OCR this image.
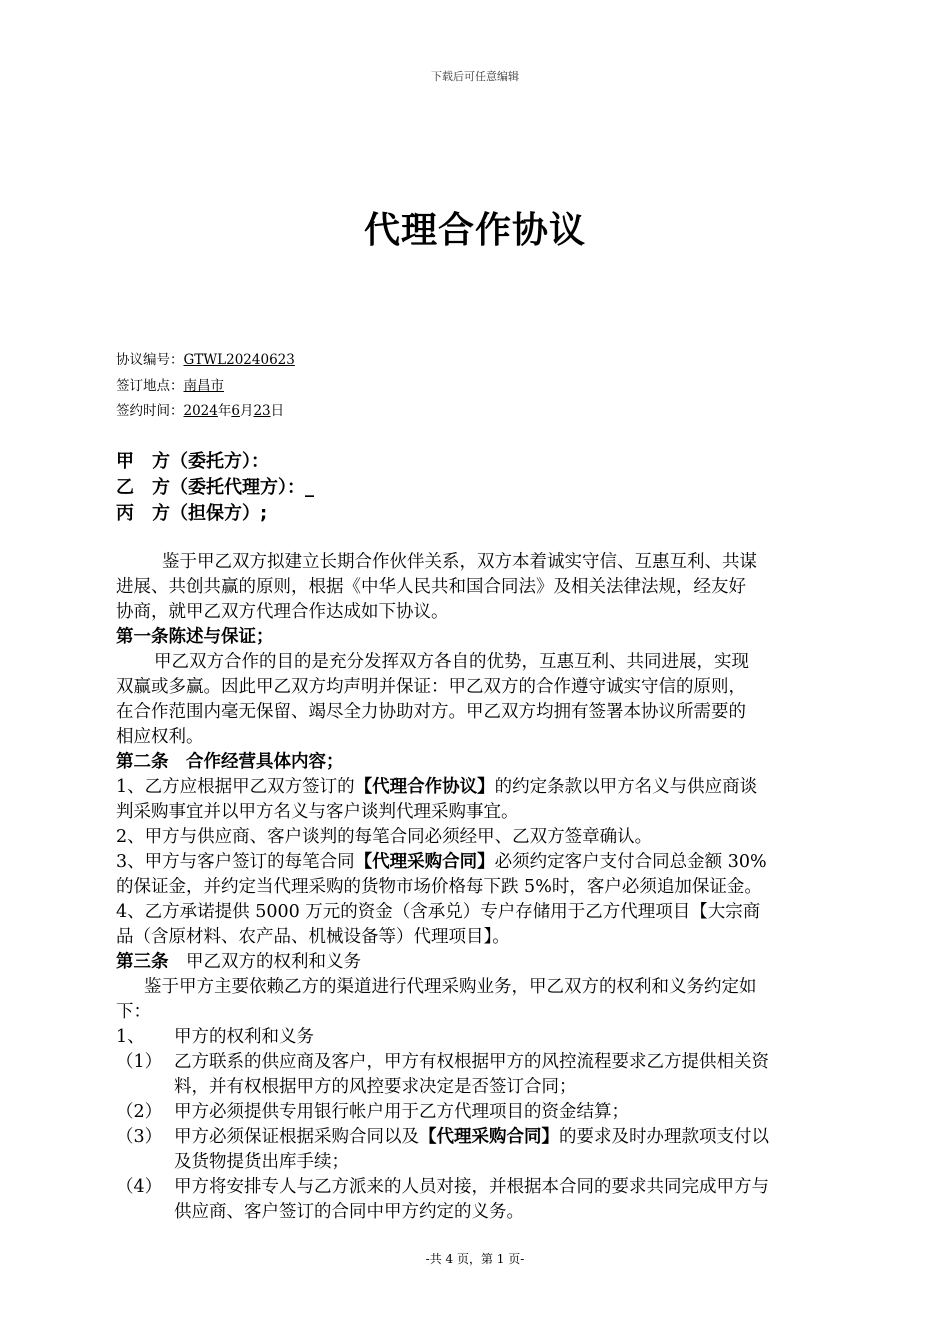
下载后可任意编辑
代理合作协议
协议编号：GTWL20240623
签订地点：南昌市
签约时间：2024年6月23日
甲　方（委托方）：
乙　方（委托代理方）：_
丙　方（担保方）;
鉴于甲乙双方拟建立长期合作伙伴关系，双方本着诚实守信、互惠互利、共谋
进展、共创共赢的原则，根据《中华人民共和国合同法》及相关法律法规，经友好
协商，就甲乙双方代理合作达成如下协议。
第一条陈述与保证；
甲乙双方合作的目的是充分发挥双方各自的优势，互惠互利、共同进展，实现
双赢或多赢。因此甲乙双方均声明并保证：甲乙双方的合作遵守诚实守信的原则，
在合作范围内毫无保留、竭尽全力协助对方。甲乙双方均拥有签署本协议所需要的
相应权利。
第二条　合作经营具体内容；
1、乙方应根据甲乙双方签订的【代理合作协议】的约定条款以甲方名义与供应商谈
判采购事宜并以甲方名义与客户谈判代理采购事宜。
2、甲方与供应商、客户谈判的每笔合同必须经甲、乙双方签章确认。
3、甲方与客户签订的每笔合同【代理采购合同】必须约定客户支付合同总金额 30%
的保证金，并约定当代理采购的货物市场价格每下跌 5%时，客户必须追加保证金。
4、乙方承诺提供 5000 万元的资金（含承兑）专户存储用于乙方代理项目【大宗商
品（含原材料、农产品、机械设备等）代理项目】。
第三条　甲乙双方的权利和义务
鉴于甲方主要依赖乙方的渠道进行代理采购业务，甲乙双方的权利和义务约定如
下：
1、 甲方的权利和义务
（1） 乙方联系的供应商及客户，甲方有权根据甲方的风控流程要求乙方提供相关资
料，并有权根据甲方的风控要求决定是否签订合同；
（2） 甲方必须提供专用银行帐户用于乙方代理项目的资金结算；
（3） 甲方必须保证根据采购合同以及【代理采购合同】的要求及时办理款项支付以
及货物提货出库手续；
（4） 甲方将安排专人与乙方派来的人员对接，并根据本合同的要求共同完成甲方与
供应商、客户签订的合同中甲方约定的义务。
-共 4 页，第 1 页-
